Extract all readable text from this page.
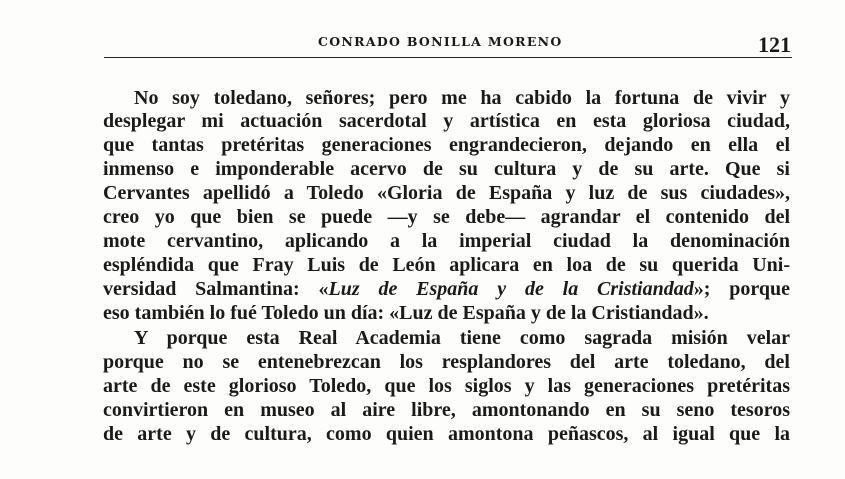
CONRADO BONILLA MORENO	121
No soy toledano, señores; pero me ha cabido la fortuna de vivir y
desplegar mi actuación sacerdotal y artística en esta gloriosa ciudad,
que tantas pretéritas generaciones engrandecieron, dejando en ella el
inmenso e imponderable acervo de su cultura y de su arte. Que si
Cervantes apellidó a Toledo «Gloria de España y luz de sus ciudades»,
creo yo que bien se puede —y se debe— agrandar el contenido del
mote cervantino, aplicando a la imperial ciudad la denominación
espléndida que Fray Luis de León aplicara en loa de su querida Uni-
versidad Salmantina: «Luz de España y de la Cristiandad»; porque
eso también lo fué Toledo un día: «Luz de España y de la Cristiandad».
Y porque esta Real Academia tiene como sagrada misión velar
porque no se entenebrezcan los resplandores del arte toledano, del
arte de este glorioso Toledo, que los siglos y las generaciones pretéritas
convirtieron en museo al aire libre, amontonando en su seno tesoros
de arte y de cultura, como quien amontona peñascos, al igual que la
